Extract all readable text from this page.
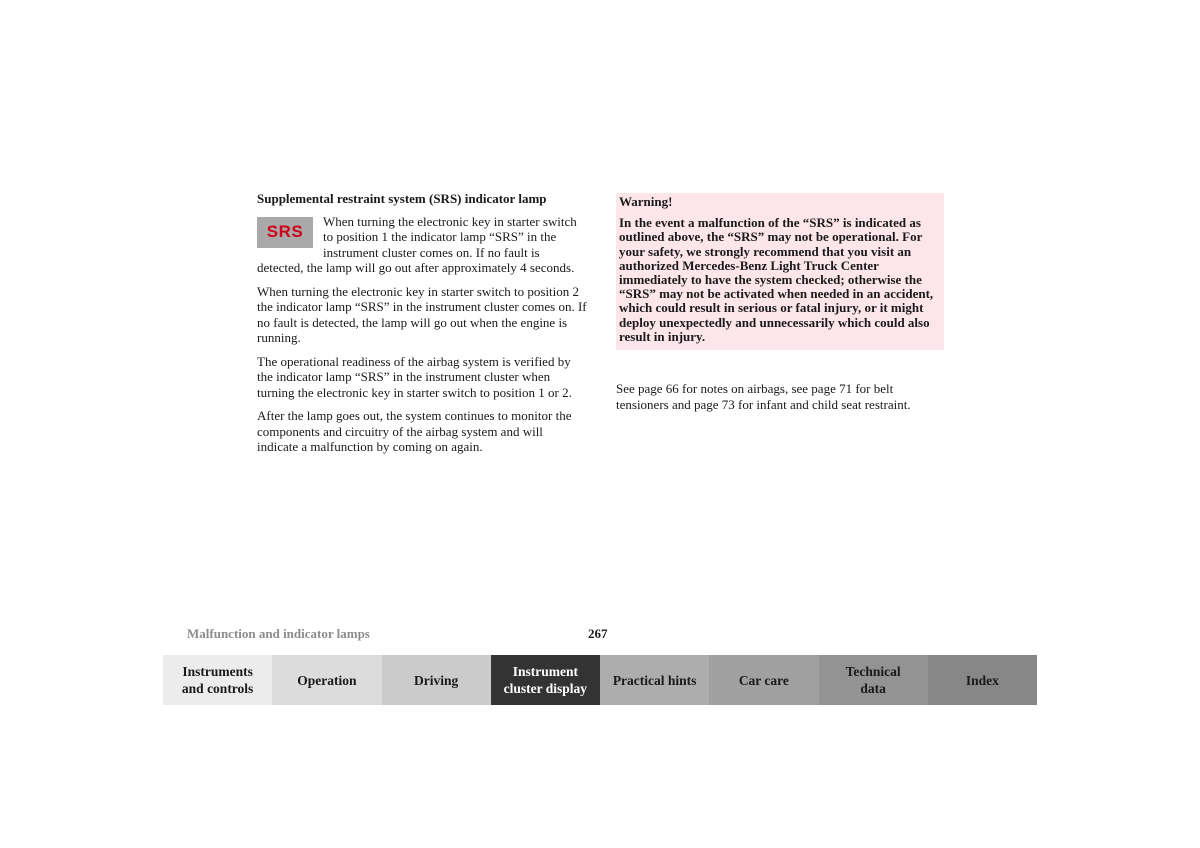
Supplemental restraint system (SRS) indicator lamp
SRS
When turning the electronic key in starter switch to position 1 the indicator lamp “SRS” in the instrument cluster comes on. If no fault is detected, the lamp will go out after approximately 4 seconds.
When turning the electronic key in starter switch to position 2 the indicator lamp “SRS” in the instrument cluster comes on. If no fault is detected, the lamp will go out when the engine is running.
The operational readiness of the airbag system is verified by the indicator lamp “SRS” in the instrument cluster when turning the electronic key in starter switch to position 1 or 2.
After the lamp goes out, the system continues to monitor the components and circuitry of the airbag system and will indicate a malfunction by coming on again.
Warning!
In the event a malfunction of the “SRS” is indicated as outlined above, the “SRS” may not be operational. For your safety, we strongly recommend that you visit an authorized Mercedes-Benz Light Truck Center immediately to have the system checked; otherwise the “SRS” may not be activated when needed in an accident, which could result in serious or fatal injury, or it might deploy unexpectedly and unnecessarily which could also result in injury.
See page 66 for notes on airbags, see page 71 for belt tensioners and page 73 for infant and child seat restraint.
Malfunction and indicator lamps	267
Instruments
and controls
Operation	Driving
Instrument
cluster display
Practical hints	Car care
Technical
data
Index
